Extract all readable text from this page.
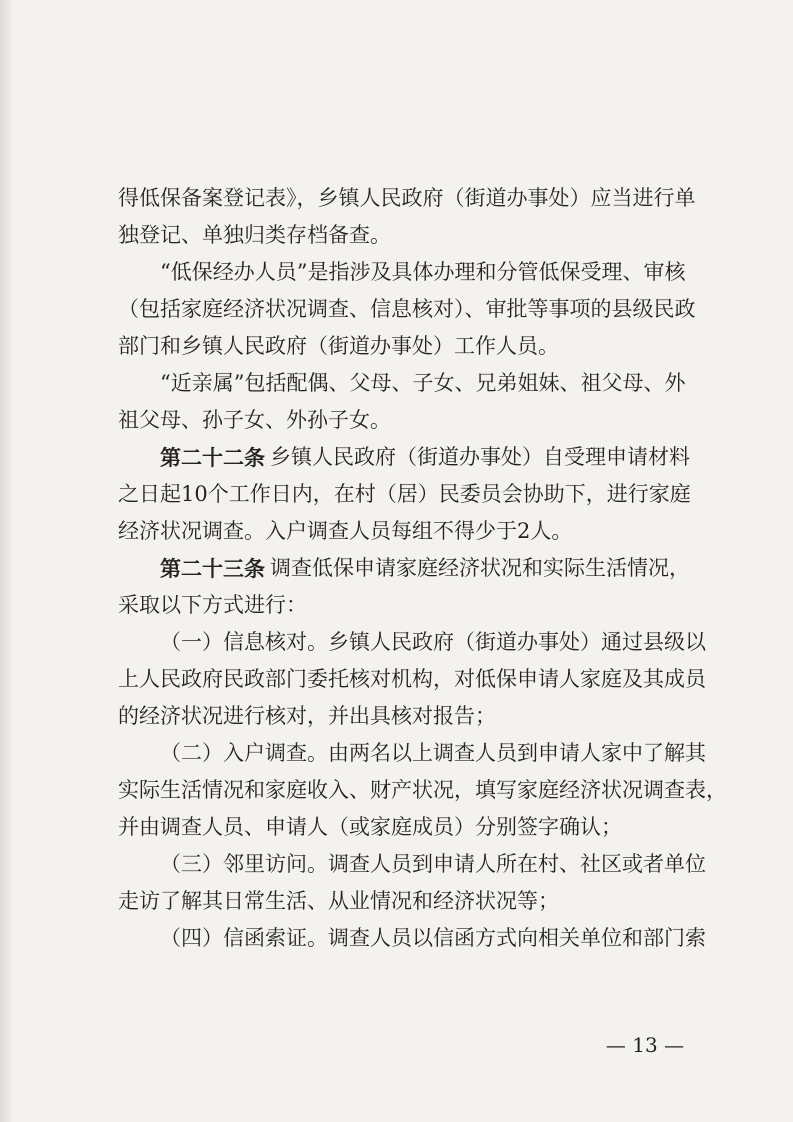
得低保备案登记表》，乡镇人民政府（街道办事处）应当进行单
独登记、单独归类存档备查。
“低保经办人员”是指涉及具体办理和分管低保受理、审核
（包括家庭经济状况调查、信息核对）、审批等事项的县级民政
部门和乡镇人民政府（街道办事处）工作人员。
“近亲属”包括配偶、父母、子女、兄弟姐妹、祖父母、外
祖父母、孙子女、外孙子女。
第二十二条 乡镇人民政府（街道办事处）自受理申请材料
之日起10个工作日内，在村（居）民委员会协助下，进行家庭
经济状况调查。入户调查人员每组不得少于2人。
第二十三条 调查低保申请家庭经济状况和实际生活情况，
采取以下方式进行：
（一）信息核对。乡镇人民政府（街道办事处）通过县级以
上人民政府民政部门委托核对机构，对低保申请人家庭及其成员
的经济状况进行核对，并出具核对报告；
（二）入户调查。由两名以上调查人员到申请人家中了解其
实际生活情况和家庭收入、财产状况，填写家庭经济状况调查表，
并由调查人员、申请人（或家庭成员）分别签字确认；
（三）邻里访问。调查人员到申请人所在村、社区或者单位
走访了解其日常生活、从业情况和经济状况等；
（四）信函索证。调查人员以信函方式向相关单位和部门索
— 13 —
